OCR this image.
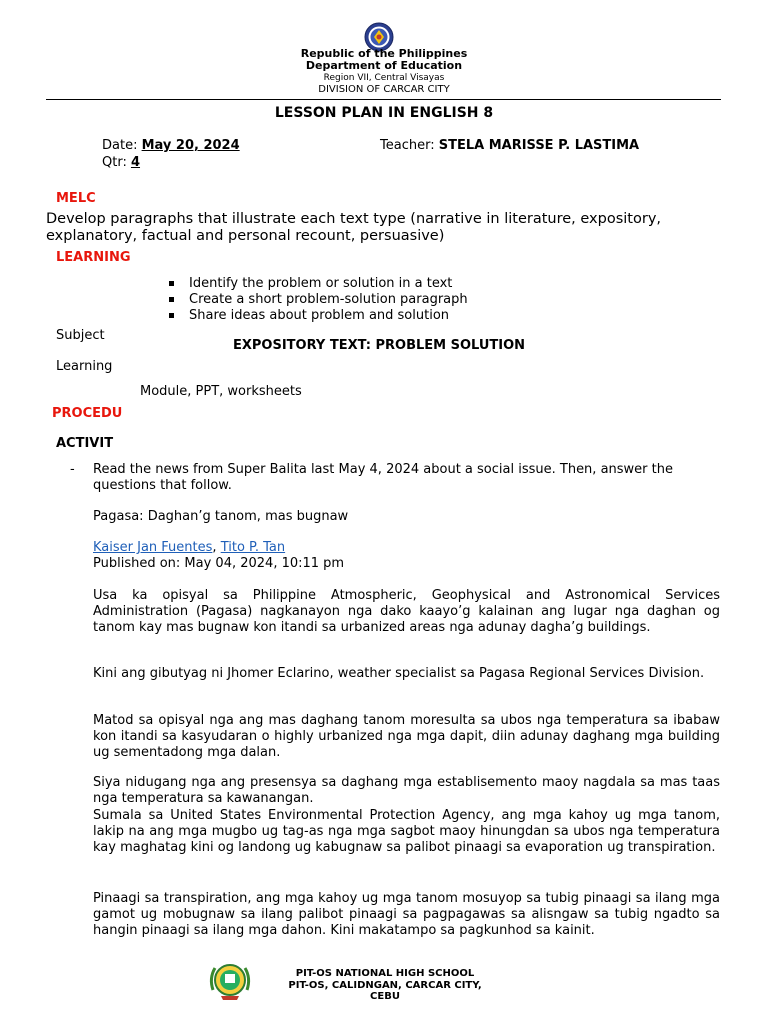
Republic of the Philippines
Department of Education
Region VII, Central Visayas
DIVISION OF CARCAR CITY
LESSON PLAN IN ENGLISH 8
Date: May 20, 2024	Teacher: STELA MARISSE P. LASTIMA
Qtr: 4
MELC
Develop paragraphs that illustrate each text type (narrative in literature, expository, explanatory, factual and personal recount, persuasive)
LEARNING
Identify the problem or solution in a text
Create a short problem-solution paragraph
Share ideas about problem and solution
Subject
EXPOSITORY TEXT: PROBLEM SOLUTION
Learning
Module, PPT, worksheets
PROCEDU
ACTIVIT
- Read the news from Super Balita last May 4, 2024 about a social issue. Then, answer the questions that follow.
Pagasa: Daghan’g tanom, mas bugnaw
Kaiser Jan Fuentes, Tito P. Tan
Published on: May 04, 2024, 10:11 pm
Usa ka opisyal sa Philippine Atmospheric, Geophysical and Astronomical Services Administration (Pagasa) nagkanayon nga dako kaayo’g kalainan ang lugar nga daghan og tanom kay mas bugnaw kon itandi sa urbanized areas nga adunay dagha’g buildings.
Kini ang gibutyag ni Jhomer Eclarino, weather specialist sa Pagasa Regional Services Division.
Matod sa opisyal nga ang mas daghang tanom moresulta sa ubos nga temperatura sa ibabaw kon itandi sa kasyudaran o highly urbanized nga mga dapit, diin adunay daghang mga building ug sementadong mga dalan.
Siya nidugang nga ang presensya sa daghang mga establisemento maoy nagdala sa mas taas nga temperatura sa kawanangan.
Sumala sa United States Environmental Protection Agency, ang mga kahoy ug mga tanom, lakip na ang mga mugbo ug tag-as nga mga sagbot maoy hinungdan sa ubos nga temperatura kay maghatag kini og landong ug kabugnaw sa palibot pinaagi sa evaporation ug transpiration.
Pinaagi sa transpiration, ang mga kahoy ug mga tanom mosuyop sa tubig pinaagi sa ilang mga gamot ug mobugnaw sa ilang palibot pinaagi sa pagpagawas sa alisngaw sa tubig ngadto sa hangin pinaagi sa ilang mga dahon. Kini makatampo sa pagkunhod sa kainit.
PIT-OS NATIONAL HIGH SCHOOL
PIT-OS, CALIDNGAN, CARCAR CITY,
CEBU
